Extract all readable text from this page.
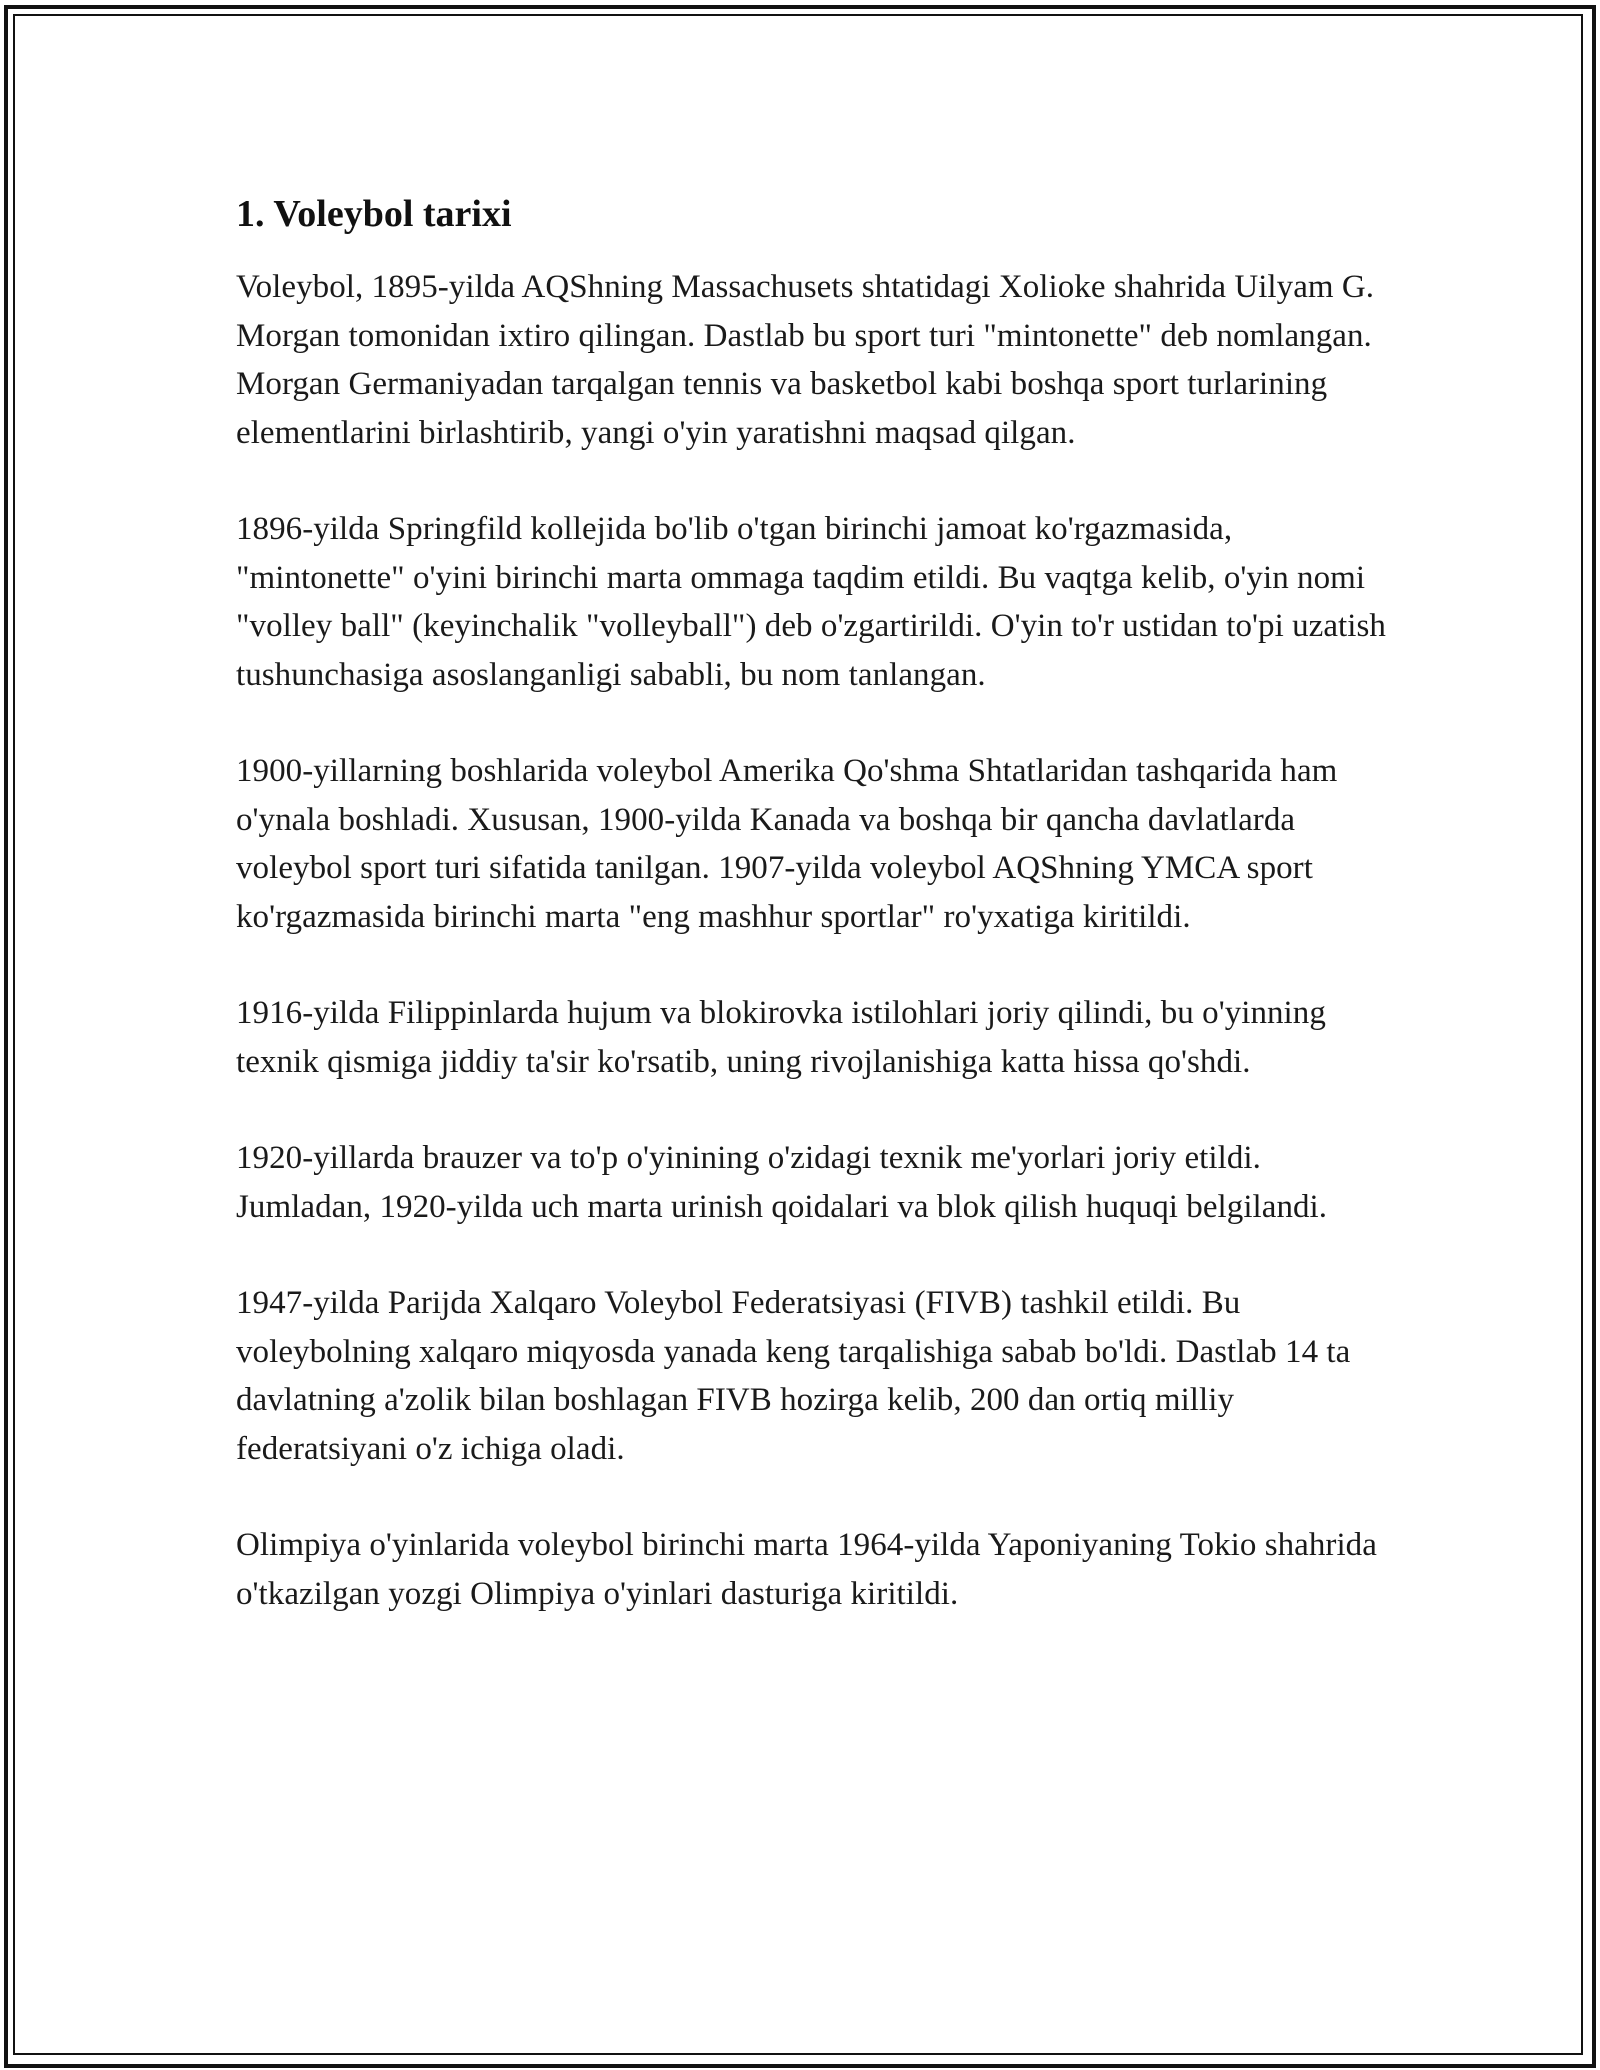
1. Voleybol tarixi

Voleybol, 1895-yilda AQShning Massachusets shtatidagi Xolioke shahrida Uilyam G. Morgan tomonidan ixtiro qilingan. Dastlab bu sport turi "mintonette" deb nomlangan. Morgan Germaniyadan tarqalgan tennis va basketbol kabi boshqa sport turlarining elementlarini birlashtirib, yangi o'yin yaratishni maqsad qilgan.

1896-yilda Springfild kollejida bo'lib o'tgan birinchi jamoat ko'rgazmasida, "mintonette" o'yini birinchi marta ommaga taqdim etildi. Bu vaqtga kelib, o'yin nomi "volley ball" (keyinchalik "volleyball") deb o'zgartirildi. O'yin to'r ustidan to'pi uzatish tushunchasiga asoslanganligi sababli, bu nom tanlangan.

1900-yillarning boshlarida voleybol Amerika Qo'shma Shtatlaridan tashqarida ham o'ynala boshladi. Xususan, 1900-yilda Kanada va boshqa bir qancha davlatlarda voleybol sport turi sifatida tanilgan. 1907-yilda voleybol AQShning YMCA sport ko'rgazmasida birinchi marta "eng mashhur sportlar" ro'yxatiga kiritildi.

1916-yilda Filippinlarda hujum va blokirovka istilohlari joriy qilindi, bu o'yinning texnik qismiga jiddiy ta'sir ko'rsatib, uning rivojlanishiga katta hissa qo'shdi.

1920-yillarda brauzer va to'p o'yinining o'zidagi texnik me'yorlari joriy etildi. Jumladan, 1920-yilda uch marta urinish qoidalari va blok qilish huquqi belgilandi.

1947-yilda Parijda Xalqaro Voleybol Federatsiyasi (FIVB) tashkil etildi. Bu voleybolning xalqaro miqyosda yanada keng tarqalishiga sabab bo'ldi. Dastlab 14 ta davlatning a'zolik bilan boshlagan FIVB hozirga kelib, 200 dan ortiq milliy federatsiyani o'z ichiga oladi.

Olimpiya o'yinlarida voleybol birinchi marta 1964-yilda Yaponiyaning Tokio shahrida o'tkazilgan yozgi Olimpiya o'yinlari dasturiga kiritildi.
